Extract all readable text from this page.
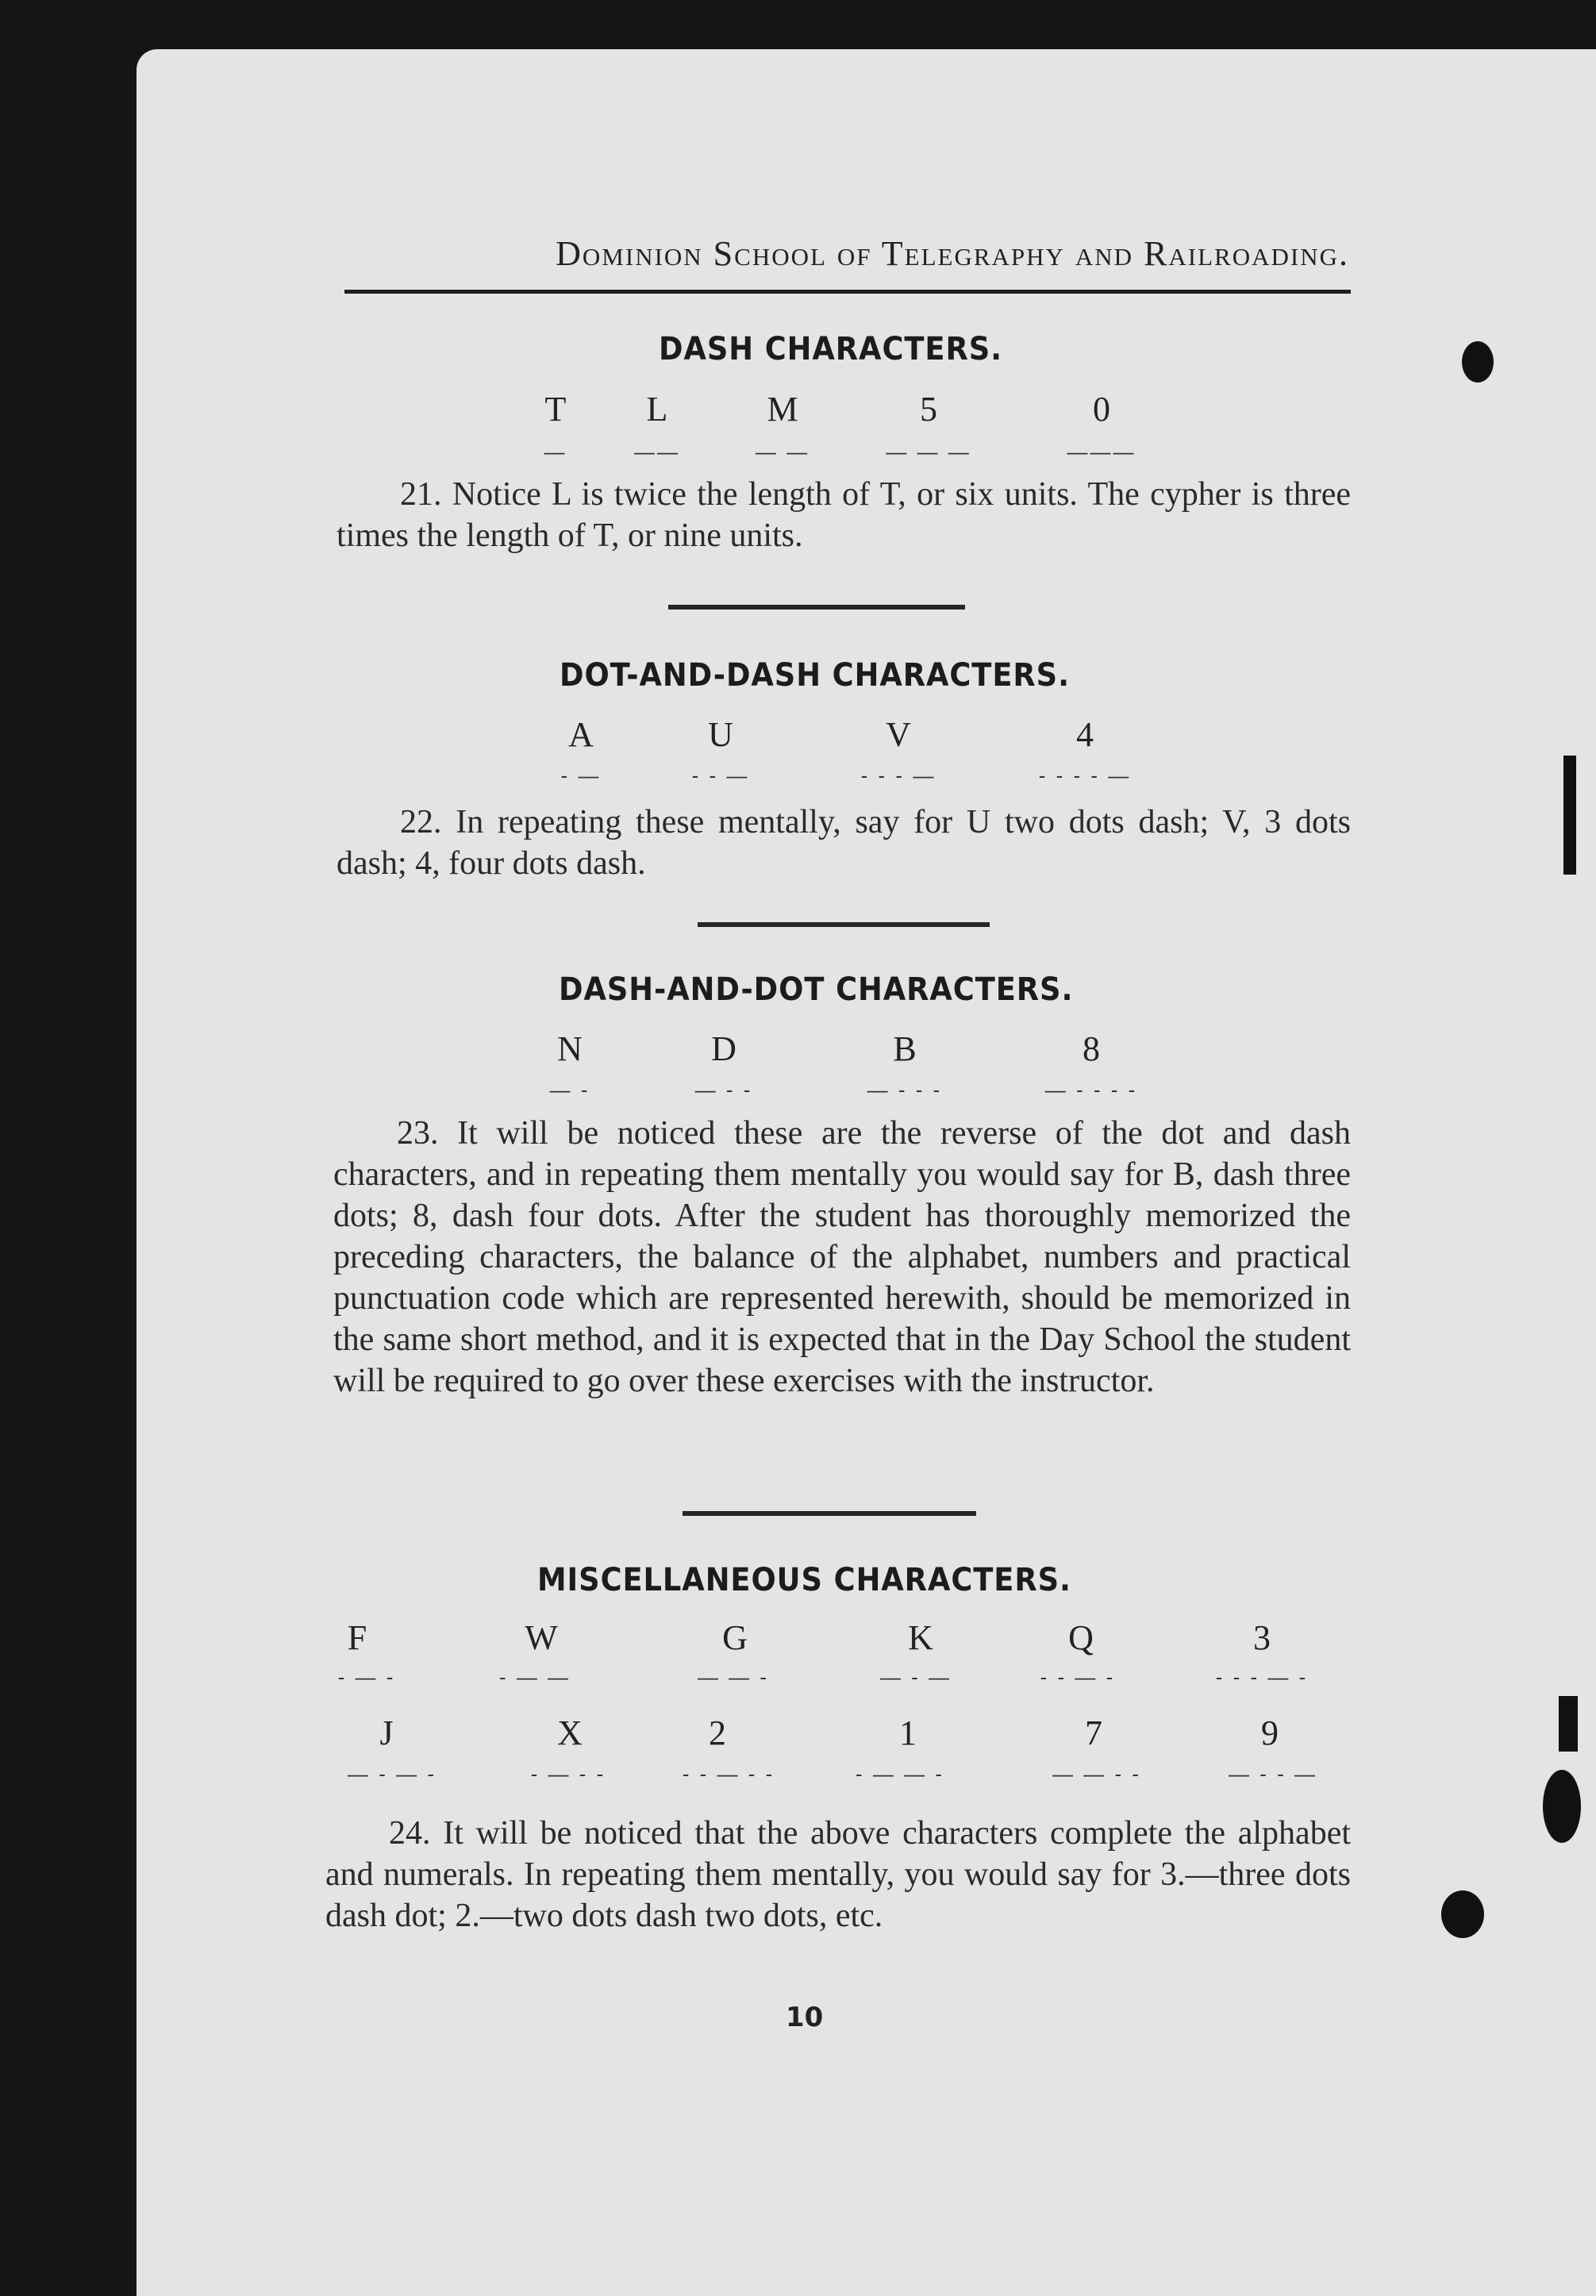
Dominion School of Telegraphy and Railroading.
DASH CHARACTERS.
T	L	M	5	0
—	——	— —	— — —	———
21. Notice L is twice the length of T, or six units. The cypher is three times the length of T, or nine units.
DOT-AND-DASH CHARACTERS.
A	U	V	4
- —	- - —	- - - —	- - - - —
22. In repeating these mentally, say for U two dots dash; V, 3 dots dash; 4, four dots dash.
DASH-AND-DOT CHARACTERS.
N	D	B	8
— -	— - -	— - - -	— - - - -
23. It will be noticed these are the reverse of the dot and dash characters, and in repeating them mentally you would say for B, dash three dots; 8, dash four dots. After the student has thoroughly memorized the preceding characters, the balance of the alphabet, numbers and practical punctuation code which are represented herewith, should be memorized in the same short method, and it is expected that in the Day School the student will be required to go over these exercises with the instructor.
MISCELLANEOUS CHARACTERS.
F	W	G	K	Q	3
- — -	- — —	— — -	— - —	- - — -	- - - — -
J	X	2	1	7	9
— - — -	- — - -	- - — - -	- — — -	— — - -	— - - —
24. It will be noticed that the above characters complete the alphabet and numerals. In repeating them mentally, you would say for 3.—three dots dash dot; 2.—two dots dash two dots, etc.
10
